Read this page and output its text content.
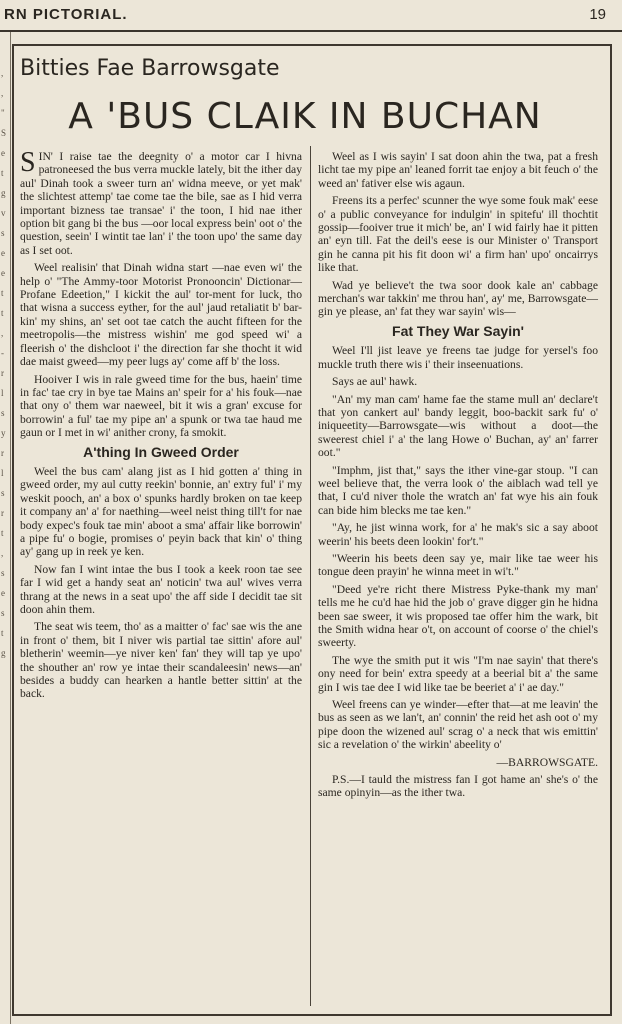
RN PICTORIAL.	19
,
,
"
S
e
t
g
v
s
e
e
t
t
,
-
r
l
s
y
r
l
s
r
t
,
s
e
s
t
g
Bitties Fae Barrowsgate
A 'BUS CLAIK IN BUCHAN

SIN' I raise tae the deegnity o' a motor car I hivna patroneesed the bus verra muckle lately, bit the ither day aul' Dinah took a sweer turn an' widna meeve, or yet mak' the slichtest attemp' tae come tae the bile, sae as I hid verra important bizness tae transae' i' the toon, I hid nae ither option bit gang bi the bus —oor local express bein' oot o' the question, seein' I wintit tae lan' i' the toon upo' the same day as I set oot.

Weel realisin' that Dinah widna start —nae even wi' the help o' "The Ammy-toor Motorist Pronooncin' Dictionar—Profane Edeetion," I kickit the aul' tor-ment for luck, tho that wisna a success eyther, for the aul' jaud retaliatit b' bar-kin' my shins, an' set oot tae catch the aucht fifteen for the meetropolis—the mistress wishin' me god speed wi' a fleerish o' the dishcloot i' the direction far she thocht it wid dae maist gweed—my peer lugs ay' come aff b' the loss.

Hooiver I wis in rale gweed time for the bus, haein' time in fac' tae cry in bye tae Mains an' speir for a' his fouk—nae that ony o' them war naeweel, bit it wis a gran' excuse for borrowin' a ful' tae my pipe an' a spunk or twa tae haud me gaun or I met in wi' anither crony, fa smokit.

A'thing In Gweed Order

Weel the bus cam' alang jist as I hid gotten a' thing in gweed order, my aul cutty reekin' bonnie, an' extry ful' i' my weskit pooch, an' a box o' spunks hardly broken on tae keep it company an' a' for naething—weel neist thing till't for nae body expec's fouk tae min' aboot a sma' affair like borrowin' a pipe fu' o bogie, promises o' peyin back that kin' o' thing ay' gang up in reek ye ken.

Now fan I wint intae the bus I took a keek roon tae see far I wid get a handy seat an' noticin' twa aul' wives verra thrang at the news in a seat upo' the aff side I decidit tae sit doon ahin them.

The seat wis teem, tho' as a maitter o' fac' sae wis the ane in front o' them, bit I niver wis partial tae sittin' afore aul' bletherin' weemin—ye niver ken' fan' they will tap ye upo' the shouther an' row ye intae their scandaleesin' news—an' besides a buddy can hearken a hantle better sittin' at the back.

Weel as I wis sayin' I sat doon ahin the twa, pat a fresh licht tae my pipe an' leaned forrit tae enjoy a bit feuch o' the weed an' fativer else wis agaun.

Freens its a perfec' scunner the wye some fouk mak' eese o' a public conveyance for indulgin' in spitefu' ill thochtit gossip—fooiver true it mich' be, an' I wid fairly hae it pitten an' eyn till. Fat the deil's eese is our Minister o' Transport gin he canna pit his fit doon wi' a firm han' upo' oncairrys like that.

Wad ye believe't the twa soor dook kale an' cabbage merchan's war takkin' me throu han', ay' me, Barrowsgate—gin ye please, an' fat they war sayin' wis—

Fat They War Sayin'

Weel I'll jist leave ye freens tae judge for yersel's foo muckle truth there wis i' their inseenuations.

Says ae aul' hawk.

"An' my man cam' hame fae the stame mull an' declare't that yon cankert aul' bandy leggit, boo-backit sark fu' o' iniqueetity—Barrowsgate—wis without a doot—the sweerest chiel i' a' the lang Howe o' Buchan, ay' an' farrer oot."

"Imphm, jist that," says the ither vine-gar stoup. "I can weel believe that, the verra look o' the aiblach wad tell ye that, I cu'd niver thole the wratch an' fat wye his ain fouk can bide him blecks me tae ken."

"Ay, he jist winna work, for a' he mak's sic a say aboot weerin' his beets deen lookin' for't."

"Weerin his beets deen say ye, mair like tae weer his tongue deen prayin' he winna meet in wi't."

"Deed ye're richt there Mistress Pyke-thank my man' tells me he cu'd hae hid the job o' grave digger gin he hidna been sae sweer, it wis proposed tae offer him the wark, bit the Smith widna hear o't, on account of coorse o' the chiel's sweerty.

The wye the smith put it wis "I'm nae sayin' that there's ony need for bein' extra speedy at a beerial bit a' the same gin I wis tae dee I wid like tae be beeriet a' i' ae day."

Weel freens can ye winder—efter that—at me leavin' the bus as seen as we lan't, an' connin' the reid het ash oot o' my pipe doon the wizened aul' scrag o' a neck that wis emittin' sic a revelation o' the wirkin' abeelity o'

—BARROWSGATE.

P.S.—I tauld the mistress fan I got hame an' she's o' the same opinyin—as the ither twa.
